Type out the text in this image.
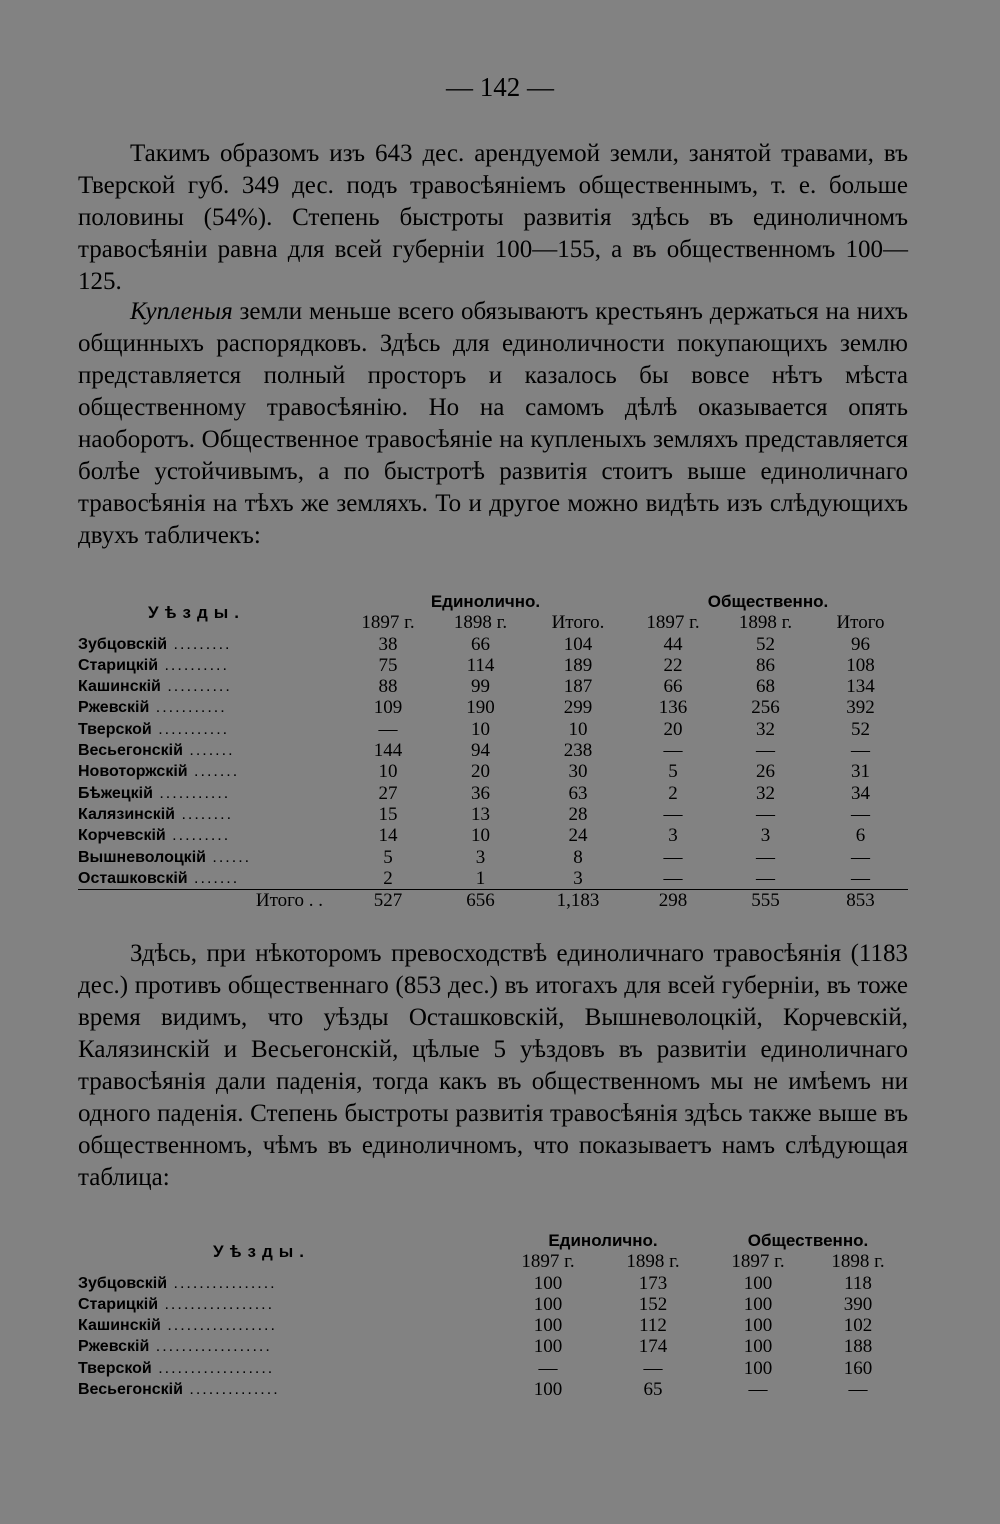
— 142 —

Такимъ образомъ изъ 643 дес. арендуемой земли, занятой травами, въ Тверской губ. 349 дес. подъ травосѣяніемъ общественнымъ, т. е. больше половины (54%). Степень быстроты развитія здѣсь въ единоличномъ травосѣяніи равна для всей губерніи 100—155, а въ общественномъ 100—125.

Купленыя земли меньше всего обязываютъ крестьянъ держаться на нихъ общинныхъ распорядковъ. Здѣсь для единоличности покупающихъ землю представляется полный просторъ и казалось бы вовсе нѣтъ мѣста общественному травосѣянію. Но на самомъ дѣлѣ оказывается опять наоборотъ. Общественное травосѣяніе на купленыхъ земляхъ представляется болѣе устойчивымъ, а по быстротѣ развитія стоитъ выше единоличнаго травосѣянія на тѣхъ же земляхъ. То и другое можно видѣть изъ слѣдующихъ двухъ табличекъ:

Уѣзды.	Единолично.			Общественно.		
	1897 г.	1898 г.	Итого.	1897 г.	1898 г.	Итого
Зубцовскій .........	38	66	104	44	52	96
Старицкій ..........	75	114	189	22	86	108
Кашинскій ..........	88	99	187	66	68	134
Ржевскій ...........	109	190	299	136	256	392
Тверской ...........	—	10	10	20	32	52
Весьегонскій .......	144	94	238	—	—	—
Новоторжскій .......	10	20	30	5	26	31
Бѣжецкій ...........	27	36	63	2	32	34
Калязинскій ........	15	13	28	—	—	—
Корчевскій .........	14	10	24	3	3	6
Вышневолоцкій ......	5	3	8	—	—	—
Осташковскій .......	2	1	3	—	—	—
Итого . .	527	656	1,183	298	555	853

Здѣсь, при нѣкоторомъ превосходствѣ единоличнаго травосѣянія (1183 дес.) противъ общественнаго (853 дес.) въ итогахъ для всей губерніи, въ тоже время видимъ, что уѣзды Осташковскій, Вышневолоцкій, Корчевскій, Калязинскій и Весьегонскій, цѣлые 5 уѣздовъ въ развитіи единоличнаго травосѣянія дали паденія, тогда какъ въ общественномъ мы не имѣемъ ни одного паденія. Степень быстроты развитія травосѣянія здѣсь также выше въ общественномъ, чѣмъ въ единоличномъ, что показываетъ намъ слѣдующая таблица:

Уѣзды.	Единолично.		Общественно.	
	1897 г.	1898 г.	1897 г.	1898 г.
Зубцовскій ................	100	173	100	118
Старицкій .................	100	152	100	390
Кашинскій .................	100	112	100	102
Ржевскій ..................	100	174	100	188
Тверской ..................	—	—	100	160
Весьегонскій ..............	100	65	—	—
